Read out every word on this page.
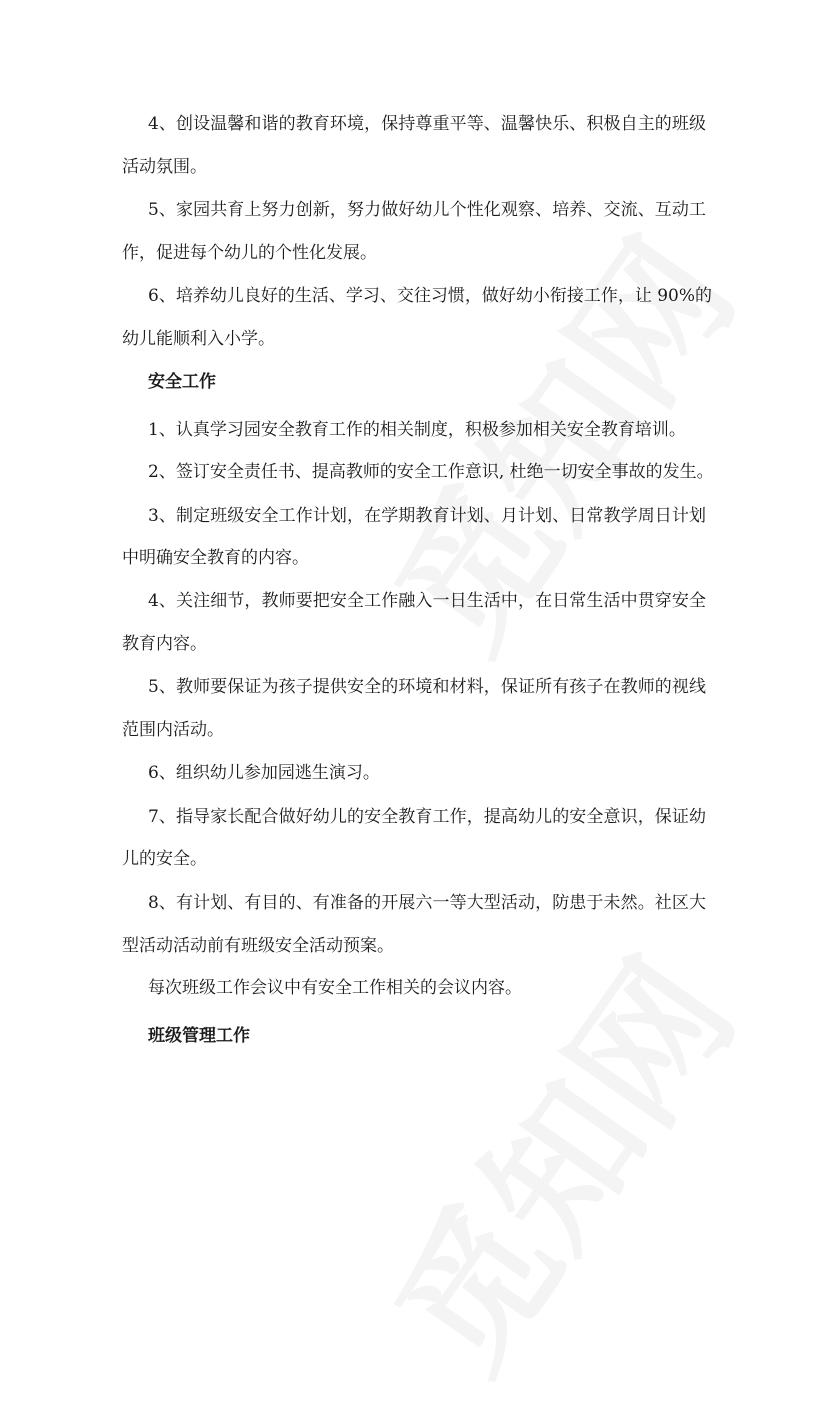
4、创设温馨和谐的教育环境，保持尊重平等、温馨快乐、积极自主的班级
活动氛围。
5、家园共育上努力创新，努力做好幼儿个性化观察、培养、交流、互动工
作，促进每个幼儿的个性化发展。
6、培养幼儿良好的生活、学习、交往习惯，做好幼小衔接工作，让 90%的
幼儿能顺利入小学。
安全工作
1、认真学习园安全教育工作的相关制度，积极参加相关安全教育培训。
2、签订安全责任书、提高教师的安全工作意识, 杜绝一切安全事故的发生。
3、制定班级安全工作计划，在学期教育计划、月计划、日常教学周日计划
中明确安全教育的内容。
4、关注细节，教师要把安全工作融入一日生活中，在日常生活中贯穿安全
教育内容。
5、教师要保证为孩子提供安全的环境和材料，保证所有孩子在教师的视线
范围内活动。
6、组织幼儿参加园逃生演习。
7、指导家长配合做好幼儿的安全教育工作，提高幼儿的安全意识，保证幼
儿的安全。
8、有计划、有目的、有准备的开展六一等大型活动，防患于未然。社区大
型活动活动前有班级安全活动预案。
每次班级工作会议中有安全工作相关的会议内容。
班级管理工作
